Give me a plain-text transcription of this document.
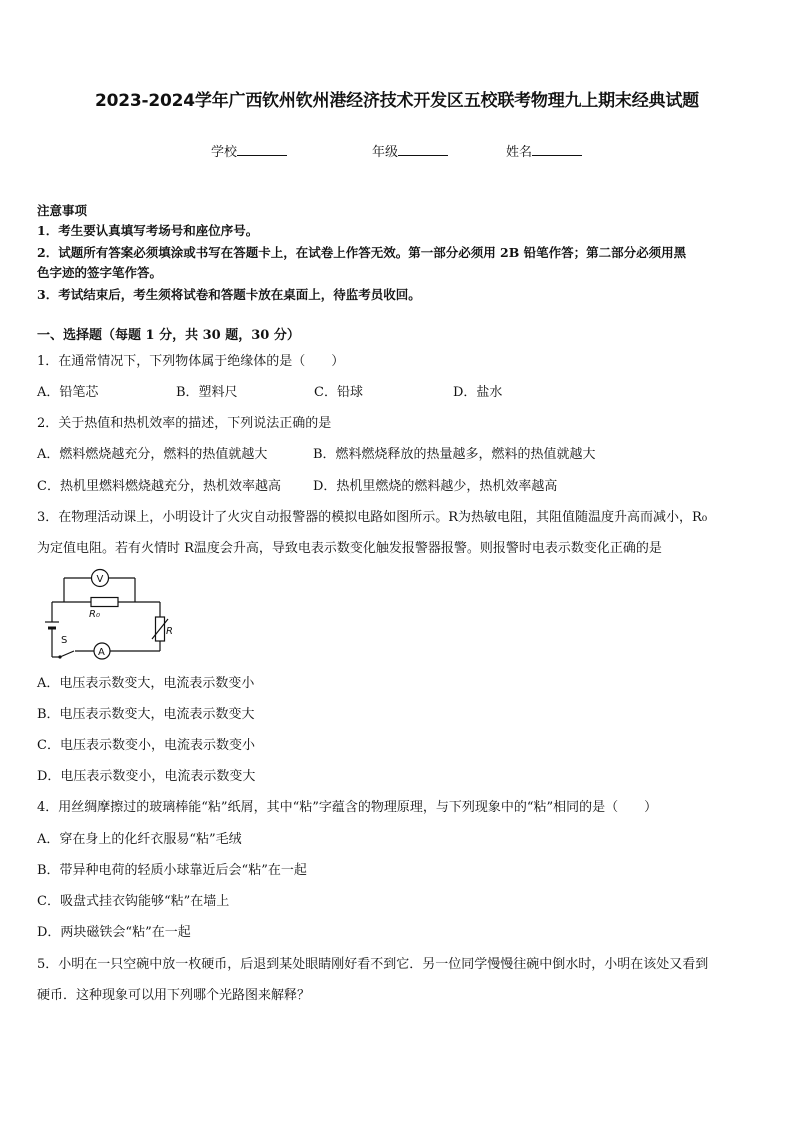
2023-2024学年广西钦州钦州港经济技术开发区五校联考物理九上期末经典试题
学校	年级	姓名
注意事项
1．考生要认真填写考场号和座位序号。
2．试题所有答案必须填涂或书写在答题卡上，在试卷上作答无效。第一部分必须用 2B 铅笔作答；第二部分必须用黑
色字迹的签字笔作答。
3．考试结束后，考生须将试卷和答题卡放在桌面上，待监考员收回。
一、选择题（每题 1 分，共 30 题，30 分）
1．在通常情况下，下列物体属于绝缘体的是（　　）
A．铅笔芯	B．塑料尺	C．铅球	D．盐水
2．关于热值和热机效率的描述，下列说法正确的是
A．燃料燃烧越充分，燃料的热值就越大	B．燃料燃烧释放的热量越多，燃料的热值就越大
C．热机里燃料燃烧越充分，热机效率越高 D．热机里燃烧的燃料越少，热机效率越高
3．在物理活动课上，小明设计了火灾自动报警器的模拟电路如图所示。R为热敏电阻，其阻值随温度升高而减小，R₀
为定值电阻。若有火情时 R温度会升高，导致电表示数变化触发报警器报警。则报警时电表示数变化正确的是
V
A
S
R₀
R
A．电压表示数变大，电流表示数变小
B．电压表示数变大，电流表示数变大
C．电压表示数变小，电流表示数变小
D．电压表示数变小，电流表示数变大
4．用丝绸摩擦过的玻璃棒能“粘”纸屑，其中“粘”字蕴含的物理原理，与下列现象中的“粘”相同的是（　　）
A．穿在身上的化纤衣服易“粘”毛绒
B．带异种电荷的轻质小球靠近后会“粘”在一起
C．吸盘式挂衣钩能够“粘”在墙上
D．两块磁铁会“粘”在一起
5．小明在一只空碗中放一枚硬币，后退到某处眼睛刚好看不到它．另一位同学慢慢往碗中倒水时，小明在该处又看到
硬币．这种现象可以用下列哪个光路图来解释？
